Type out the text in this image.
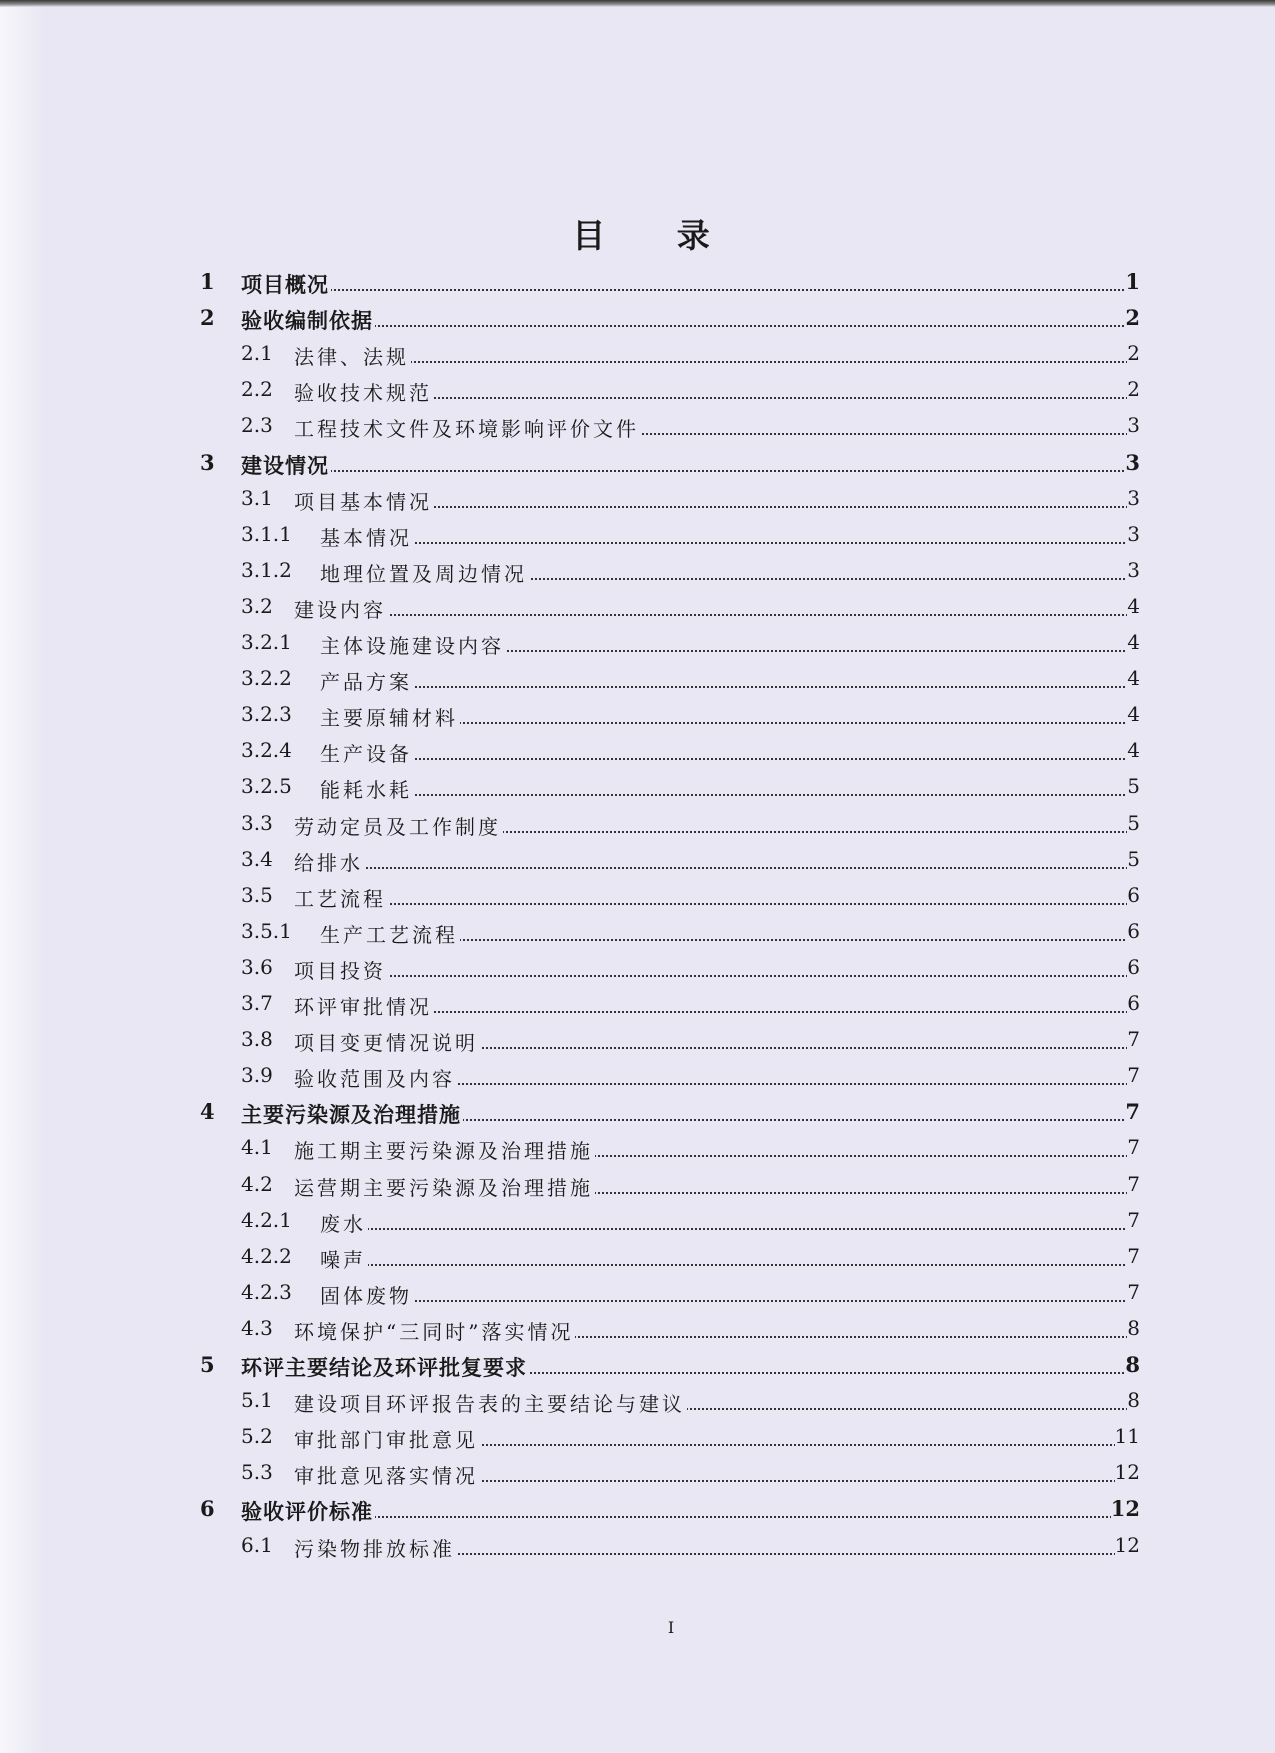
目 录
1 项目概况	1
2 验收编制依据	2
2.1 法律、法规	2
2.2 验收技术规范	2
2.3 工程技术文件及环境影响评价文件	3
3 建设情况	3
3.1 项目基本情况	3
3.1.1 基本情况	3
3.1.2 地理位置及周边情况	3
3.2 建设内容	4
3.2.1 主体设施建设内容	4
3.2.2 产品方案	4
3.2.3 主要原辅材料	4
3.2.4 生产设备	4
3.2.5 能耗水耗	5
3.3 劳动定员及工作制度	5
3.4 给排水	5
3.5 工艺流程	6
3.5.1 生产工艺流程	6
3.6 项目投资	6
3.7 环评审批情况	6
3.8 项目变更情况说明	7
3.9 验收范围及内容	7
4 主要污染源及治理措施	7
4.1 施工期主要污染源及治理措施	7
4.2 运营期主要污染源及治理措施	7
4.2.1 废水	7
4.2.2 噪声	7
4.2.3 固体废物	7
4.3 环境保护“三同时”落实情况	8
5 环评主要结论及环评批复要求	8
5.1 建设项目环评报告表的主要结论与建议	8
5.2 审批部门审批意见	11
5.3 审批意见落实情况	12
6 验收评价标准	12
6.1 污染物排放标准	12
I
